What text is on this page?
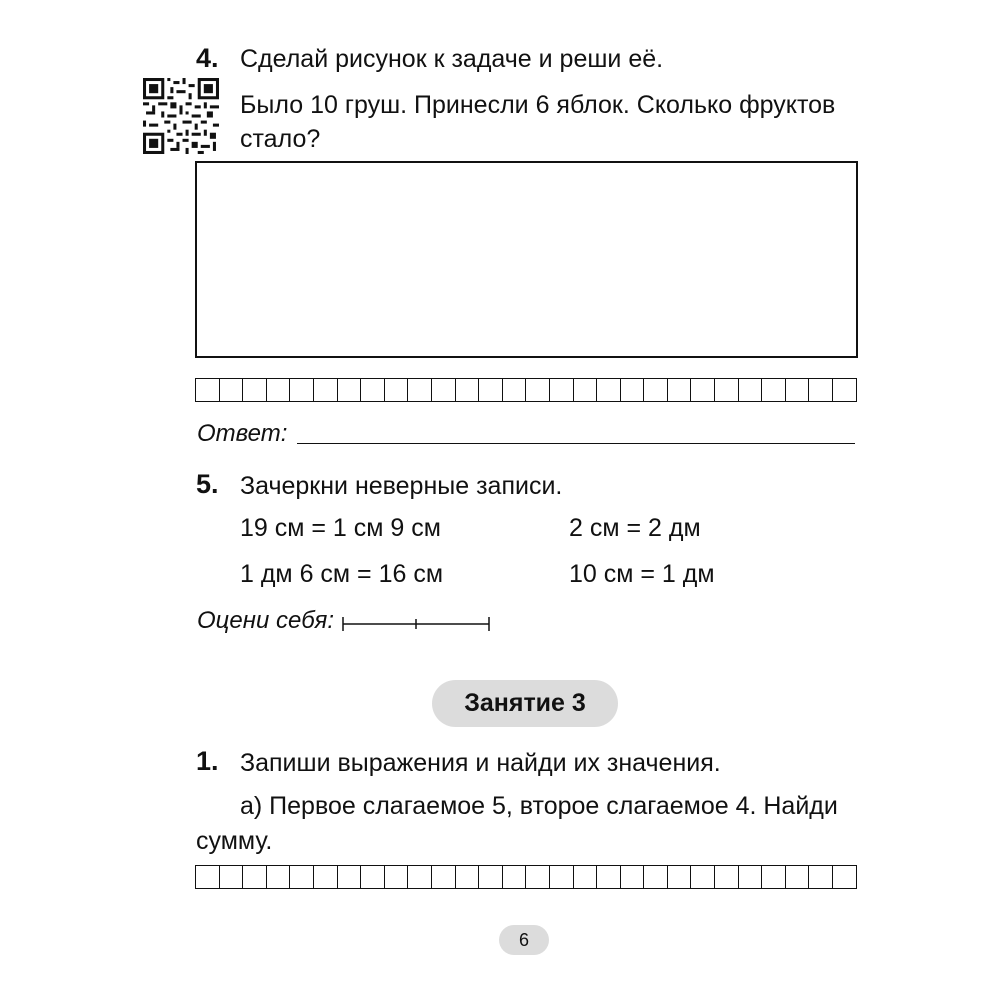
4. Сделай рисунок к задаче и реши её.
Было 10 груш. Принесли 6 яблок. Сколько фруктов
стало?
Ответ:
5. Зачеркни неверные записи.
19 см = 1 см 9 см	2 см = 2 дм
1 дм 6 см = 16 см	10 см = 1 дм
Оцени себя:
Занятие 3
1. Запиши выражения и найди их значения.
а) Первое слагаемое 5, второе слагаемое 4. Найди
сумму.
6
